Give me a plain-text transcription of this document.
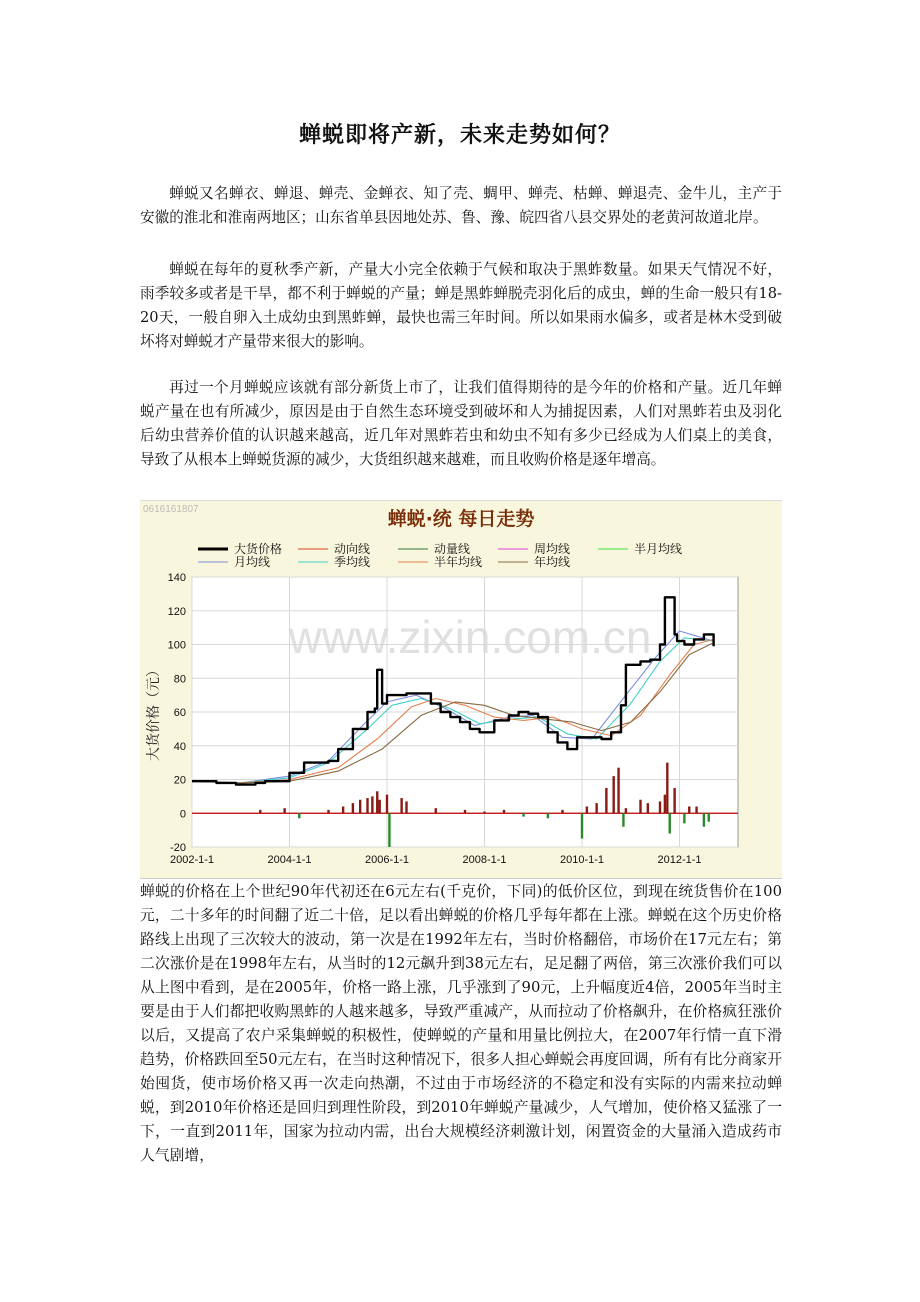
蝉蜕即将产新，未来走势如何？

蝉蜕又名蝉衣、蝉退、蝉壳、金蝉衣、知了壳、蜩甲、蝉壳、枯蝉、蝉退壳、金牛儿，主产于安徽的淮北和淮南两地区；山东省单县因地处苏、鲁、豫、皖四省八县交界处的老黄河故道北岸。

蝉蜕在每年的夏秋季产新，产量大小完全依赖于气候和取决于黑蚱数量。如果天气情况不好，雨季较多或者是干旱，都不利于蝉蜕的产量；蝉是黑蚱蝉脱壳羽化后的成虫，蝉的生命一般只有18-20天，一般自卵入土成幼虫到黑蚱蝉，最快也需三年时间。所以如果雨水偏多，或者是林木受到破坏将对蝉蜕才产量带来很大的影响。

再过一个月蝉蜕应该就有部分新货上市了，让我们值得期待的是今年的价格和产量。近几年蝉蜕产量在也有所减少，原因是由于自然生态环境受到破坏和人为捕捉因素，人们对黑蚱若虫及羽化后幼虫营养价值的认识越来越高，近几年对黑蚱若虫和幼虫不知有多少已经成为人们桌上的美食，导致了从根本上蝉蜕货源的减少，大货组织越来越难，而且收购价格是逐年增高。

蝉蜕·统 每日走势
0616161807
大货价格	动向线	动量线	周均线	半月均线
月均线	季均线	半年均线	年均线
www.zixin.com.cn
-20
0
20
40
60
80
100
120
140
2002-1-1	2004-1-1	2006-1-1	2008-1-1	2010-1-1	2012-1-1
大货价格（元）

蝉蜕的价格在上个世纪90年代初还在6元左右(千克价，下同)的低价区位，到现在统货售价在100元，二十多年的时间翻了近二十倍，足以看出蝉蜕的价格几乎每年都在上涨。蝉蜕在这个历史价格路线上出现了三次较大的波动，第一次是在1992年左右，当时价格翻倍，市场价在17元左右；第二次涨价是在1998年左右，从当时的12元飙升到38元左右，足足翻了两倍，第三次涨价我们可以从上图中看到，是在2005年，价格一路上涨，几乎涨到了90元，上升幅度近4倍，2005年当时主要是由于人们都把收购黑蚱的人越来越多，导致严重减产，从而拉动了价格飙升，在价格疯狂涨价以后，又提高了农户采集蝉蜕的积极性，使蝉蜕的产量和用量比例拉大，在2007年行情一直下滑趋势，价格跌回至50元左右，在当时这种情况下，很多人担心蝉蜕会再度回调，所有有比分商家开始囤货，使市场价格又再一次走向热潮，不过由于市场经济的不稳定和没有实际的内需来拉动蝉蜕，到2010年价格还是回归到理性阶段，到2010年蝉蜕产量减少，人气增加，使价格又猛涨了一下，一直到2011年，国家为拉动内需，出台大规模经济刺激计划，闲置资金的大量涌入造成药市人气剧增，
